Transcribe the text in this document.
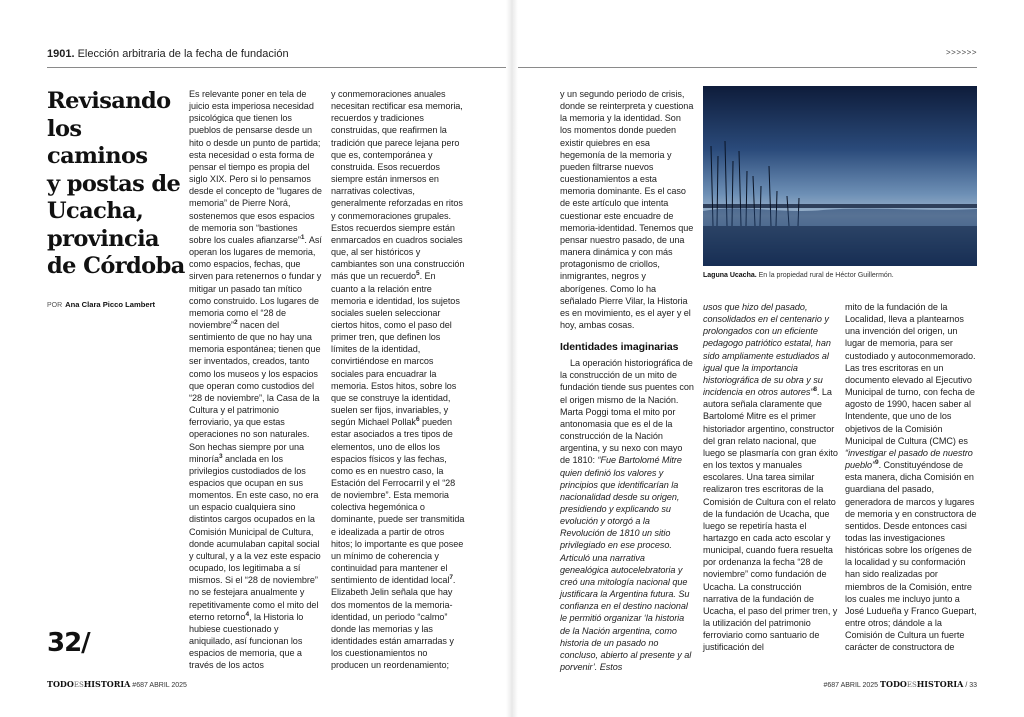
1901. Elección arbitraria de la fecha de fundación	>>>>>>
Revisando
los caminos
y postas de
Ucacha,
provincia
de Córdoba
POR Ana Clara Picco Lambert

Es relevante poner en tela de juicio esta imperiosa necesidad psicológica que tienen los pueblos de pensarse desde un hito o desde un punto de partida; esta necesidad o esta forma de pensar el tiempo es propia del siglo XIX. Pero si lo pensamos desde el concepto de “lugares de memoria” de Pierre Norá, sostenemos que esos espacios de memoria son “bastiones sobre los cuales afianzarse”$^1$. Así operan los lugares de memoria, como espacios, fechas, que sirven para retenernos o fundar y mitigar un pasado tan mítico como construido. Los lugares de memoria como el “28 de noviembre”$^2$ nacen del sentimiento de que no hay una memoria espontánea; tienen que ser inventados, creados, tanto como los museos y los espacios que operan como custodios del “28 de noviembre”, la Casa de la Cultura y el patrimonio ferroviario, ya que estas operaciones no son naturales. Son hechas siempre por una minoría$^3$ anclada en los privilegios custodiados de los espacios que ocupan en sus momentos. En este caso, no era un espacio cualquiera sino distintos cargos ocupados en la Comisión Municipal de Cultura, donde acumulaban capital social y cultural, y a la vez este espacio ocupado, los legitimaba a sí mismos. Si el “28 de noviembre” no se festejara anualmente y repetitivamente como el mito del eterno retorno$^4$, la Historia lo hubiese cuestionado y aniquilado, así funcionan los espacios de memoria, que a través de los actos

y conmemoraciones anuales necesitan rectificar esa memoria, recuerdos y tradiciones construidas, que reafirmen la tradición que parece lejana pero que es, contemporánea y construida. Esos recuerdos siempre están inmersos en narrativas colectivas, generalmente reforzadas en ritos y conmemoraciones grupales. Estos recuerdos siempre están enmarcados en cuadros sociales que, al ser históricos y cambiantes son una construcción más que un recuerdo$^5$. En cuanto a la relación entre memoria e identidad, los sujetos sociales suelen seleccionar ciertos hitos, como el paso del primer tren, que definen los límites de la identidad, convirtiéndose en marcos sociales para encuadrar la memoria. Estos hitos, sobre los que se construye la identidad, suelen ser fijos, invariables, y según Michael Pollak$^6$ pueden estar asociados a tres tipos de elementos, uno de ellos los espacios físicos y las fechas, como es en nuestro caso, la Estación del Ferrocarril y el “28 de noviembre”. Esta memoria colectiva hegemónica o dominante, puede ser transmitida e idealizada a partir de otros hitos; lo importante es que posee un mínimo de coherencia y continuidad para mantener el sentimiento de identidad local$^7$. Elizabeth Jelin señala que hay dos momentos de la memoria-identidad, un periodo “calmo” donde las memorias y las identidades están amarradas y los cuestionamientos no producen un reordenamiento;

32/
TODOESHISTORIA #687 ABRIL 2025

y un segundo periodo de crisis, donde se reinterpreta y cuestiona la memoria y la identidad. Son los momentos donde pueden existir quiebres en esa hegemonía de la memoria y pueden filtrarse nuevos cuestionamientos a esta memoria dominante. Es el caso de este artículo que intenta cuestionar este encuadre de memoria-identidad. Tenemos que pensar nuestro pasado, de una manera dinámica y con más protagonismo de criollos, inmigrantes, negros y aborígenes. Como lo ha señalado Pierre Vilar, la Historia es en movimiento, es el ayer y el hoy, ambas cosas.

Identidades imaginarias

La operación historiográfica de la construcción de un mito de fundación tiende sus puentes con el origen mismo de la Nación. Marta Poggi toma el mito por antonomasia que es el de la construcción de la Nación argentina, y su nexo con mayo de 1810: “Fue Bartolomé Mitre quien definió los valores y principios que identificarían la nacionalidad desde su origen, presidiendo y explicando su evolución y otorgó a la Revolución de 1810 un sitio privilegiado en ese proceso. Articuló una narrativa genealógica autocelebratoria y creó una mitología nacional que justificara la Argentina futura. Su confianza en el destino nacional le permitió organizar ‘la historia de la Nación argentina, como historia de un pasado no concluso, abierto al presente y al porvenir’. Estos

Laguna Ucacha. En la propiedad rural de Héctor Guillermón.

usos que hizo del pasado, consolidados en el centenario y prolongados con un eficiente pedagogo patriótico estatal, han sido ampliamente estudiados al igual que la importancia historiográfica de su obra y su incidencia en otros autores”$^8$. La autora señala claramente que Bartolomé Mitre es el primer historiador argentino, constructor del gran relato nacional, que luego se plasmaría con gran éxito en los textos y manuales escolares. Una tarea similar realizaron tres escritoras de la Comisión de Cultura con el relato de la fundación de Ucacha, que luego se repetiría hasta el hartazgo en cada acto escolar y municipal, cuando fuera resuelta por ordenanza la fecha “28 de noviembre” como fundación de Ucacha. La construcción narrativa de la fundación de Ucacha, el paso del primer tren, y la utilización del patrimonio ferroviario como santuario de justificación del

mito de la fundación de la Localidad, lleva a plantearnos una invención del origen, un lugar de memoria, para ser custodiado y autoconmemorado. Las tres escritoras en un documento elevado al Ejecutivo Municipal de turno, con fecha de agosto de 1990, hacen saber al Intendente, que uno de los objetivos de la Comisión Municipal de Cultura (CMC) es “investigar el pasado de nuestro pueblo”$^9$. Constituyéndose de esta manera, dicha Comisión en guardiana del pasado, generadora de marcos y lugares de memoria y en constructora de sentidos. Desde entonces casi todas las investigaciones históricas sobre los orígenes de la localidad y su conformación han sido realizadas por miembros de la Comisión, entre los cuales me incluyo junto a José Ludueña y Franco Guepart, entre otros; dándole a la Comisión de Cultura un fuerte carácter de constructora de

#687 ABRIL 2025 TODOESHISTORIA / 33
